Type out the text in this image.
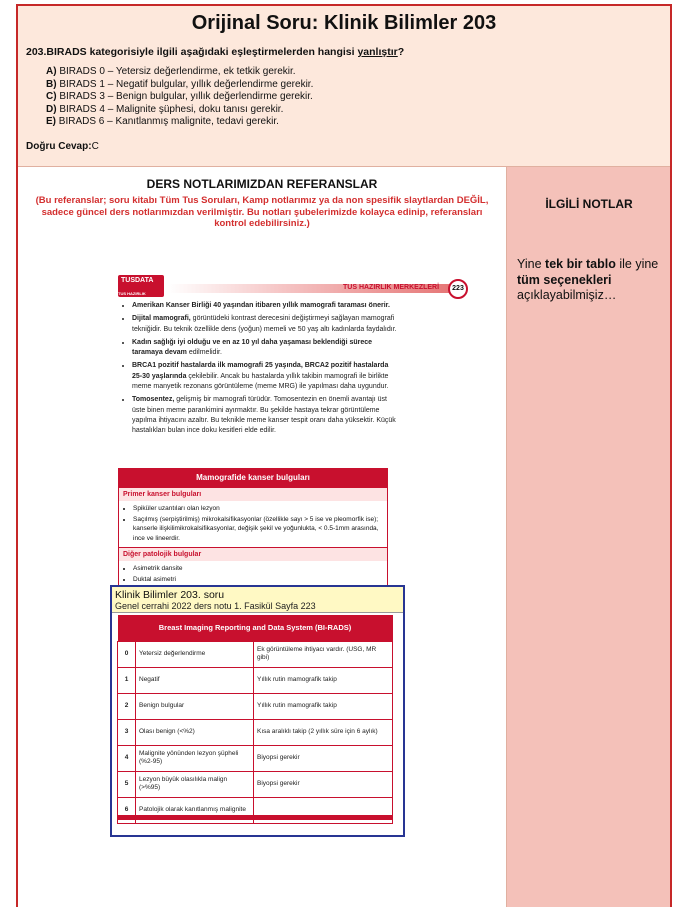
Orijinal Soru: Klinik Bilimler 203
203.BIRADS kategorisiyle ilgili aşağıdaki eşleştirmelerden hangisi yanlıştır?
A) BIRADS 0 – Yetersiz değerlendirme, ek tetkik gerekir.
B) BIRADS 1 – Negatif bulgular, yıllık değerlendirme gerekir.
C) BIRADS 3 – Benign bulgular, yıllık değerlendirme gerekir.
D) BIRADS 4 – Malignite şüphesi, doku tanısı gerekir.
E) BIRADS 6 – Kanıtlanmış malignite, tedavi gerekir.
Doğru Cevap:C
DERS NOTLARIMIZDAN REFERANSLAR
(Bu referanslar; soru kitabı Tüm Tus Soruları, Kamp notlarımız ya da non spesifik slaytlardan DEĞİL, sadece güncel ders notlarımızdan verilmiştir. Bu notları şubelerimizde kolayca edinip, referansları kontrol edebilirsiniz.)
TUSDATA
TUS HAZIRLIK MERKEZLERİ
TUS HAZIRLIK MERKEZLERİ	223
• Amerikan Kanser Birliği 40 yaşından itibaren yıllık mamografi taraması önerir.
• Dijital mamografi, görüntüdeki kontrast derecesini değiştirmeyi sağlayan mamografi tekniğidir. Bu teknik özellikle dens (yoğun) memeli ve 50 yaş altı kadınlarda faydalıdır.
• Kadın sağlığı iyi olduğu ve en az 10 yıl daha yaşaması beklendiği sürece taramaya devam edilmelidir.
• BRCA1 pozitif hastalarda ilk mamografi 25 yaşında, BRCA2 pozitif hastalarda 25-30 yaşlarında çekilebilir. Ancak bu hastalarda yıllık takibin mamografi ile birlikte meme manyetik rezonans görüntüleme (meme MRG) ile yapılması daha uygundur.
• Tomosentez, gelişmiş bir mamografi türüdür. Tomosentezin en önemli avantajı üst üste binen meme parankimini ayırmaktır. Bu şekilde hastaya tekrar görüntüleme yapılma ihtiyacını azaltır. Bu teknikle meme kanser tespit oranı daha yüksektir. Küçük hastalıkları bulan ince doku kesitleri elde edilir.
Mamografide kanser bulguları
Primer kanser bulguları
• Spiküler uzantıları olan lezyon
• Saçılmış (serpiştirilmiş) mikrokalsifikasyonlar (özellikle sayı > 5 ise ve pleomorfik ise); kanserle ilişkilimikrokalsifikasyonlar, değişik şekil ve yoğunlukta, < 0.5-1mm arasında, ince ve lineerdir.
Diğer patolojik bulgular
• Asimetrik dansite
• Duktal asimetri
İLGİLİ NOTLAR
Yine tek bir tablo ile yine tüm seçenekleri açıklayabilmişiz…
Klinik Bilimler 203. soru
Genel cerrahi 2022 ders notu 1. Fasikül Sayfa 223
Breast Imaging Reporting and Data System (BI-RADS)		
0	Yetersiz değerlendirme	Ek görüntüleme ihtiyacı vardır. (USG, MR gibi)
1	Negatif	Yıllık rutin mamografik takip
2	Benign bulgular	Yıllık rutin mamografik takip
3	Olası benign (<%2)	Kısa aralıklı takip (2 yıllık süre için 6 aylık)
4	Malignite yönünden lezyon şüpheli (%2-95)	Biyopsi gerekir
5	Lezyon büyük olasılıkla malign (>%95)	Biyopsi gerekir
6	Patolojik olarak kanıtlanmış malignite	
